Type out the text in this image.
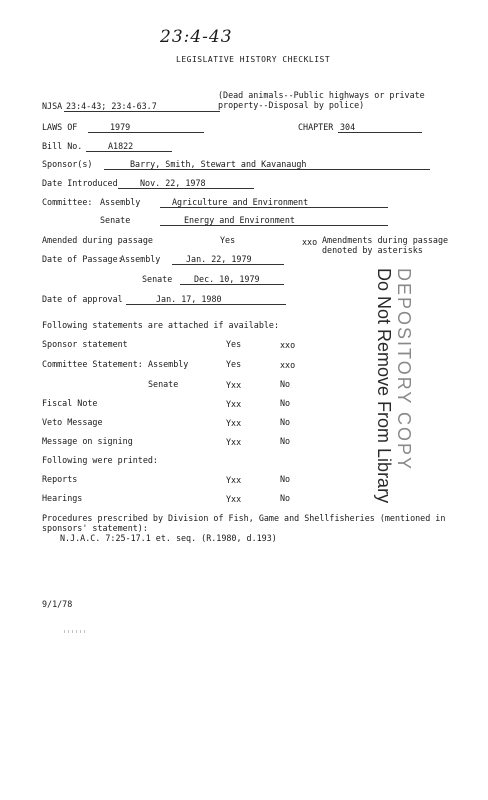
23:4-43
LEGISLATIVE HISTORY CHECKLIST
(Dead animals--Public highways or private
property--Disposal by police)
NJSA 23:4-43; 23:4-63.7
LAWS OF	1979	CHAPTER 304
Bill No.	A1822
Sponsor(s)	Barry, Smith, Stewart and Kavanaugh
Date Introduced	Nov. 22, 1978
Committee: Assembly	Agriculture and Environment
Senate	Energy and Environment
Amended during passage	Yes	xxo Amendments during passage
denoted by asterisks
Date of Passage:
Assembly	Jan. 22, 1979
Senate	Dec. 10, 1979
Date of approval	Jan. 17, 1980
Following statements are attached if available:
Sponsor statement	Yes	xxo
Committee Statement: Assembly	Yes	xxo
Senate	Yxx	No
Fiscal Note	Yxx	No
Veto Message	Yxx	No
Message on signing	Yxx	No
Following were printed:
Reports	Yxx	No
Hearings	Yxx	No
Procedures prescribed by Division of Fish, Game and Shellfisheries (mentioned in
sponsors' statement):
N.J.A.C. 7:25-17.1 et. seq. (R.1980, d.193)
9/1/78
DEPOSITORY COPY
Do Not Remove From Library
